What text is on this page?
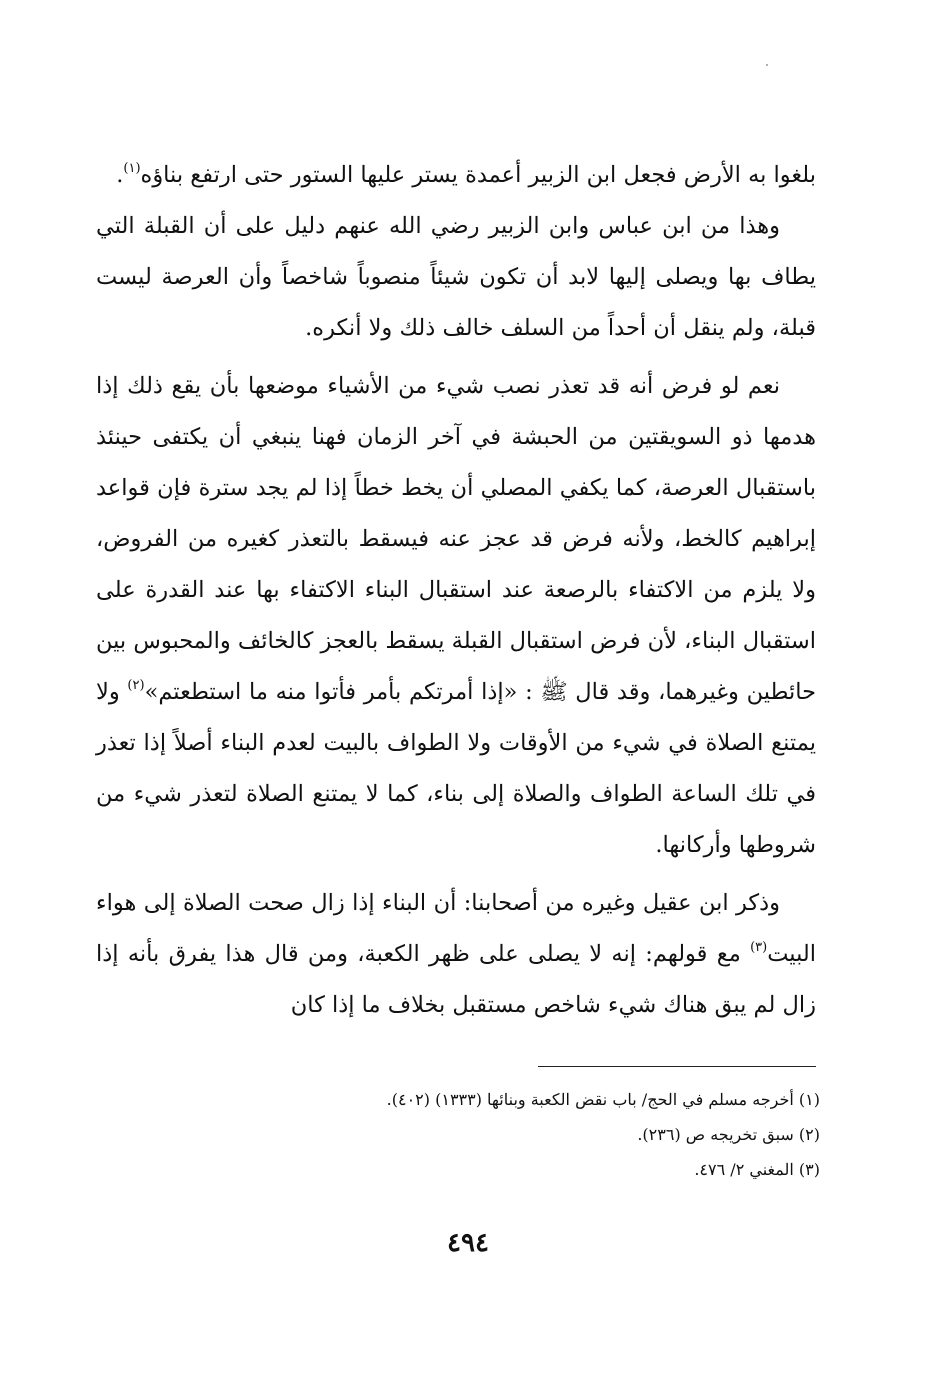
بلغوا به الأرض فجعل ابن الزبير أعمدة يستر عليها الستور حتى ارتفع بناؤه$^{(١)}$.

وهذا من ابن عباس وابن الزبير رضي الله عنهم دليل على أن القبلة التي يطاف بها ويصلى إليها لابد أن تكون شيئاً منصوباً شاخصاً وأن العرصة ليست قبلة، ولم ينقل أن أحداً من السلف خالف ذلك ولا أنكره.

نعم لو فرض أنه قد تعذر نصب شيء من الأشياء موضعها بأن يقع ذلك إذا هدمها ذو السويقتين من الحبشة في آخر الزمان فهنا ينبغي أن يكتفى حينئذ باستقبال العرصة، كما يكفي المصلي أن يخط خطاً إذا لم يجد سترة فإن قواعد إبراهيم كالخط، ولأنه فرض قد عجز عنه فيسقط بالتعذر كغيره من الفروض، ولا يلزم من الاكتفاء بالرصعة عند استقبال البناء الاكتفاء بها عند القدرة على استقبال البناء، لأن فرض استقبال القبلة يسقط بالعجز كالخائف والمحبوس بين حائطين وغيرهما، وقد قال ﷺ : «إذا أمرتكم بأمر فأتوا منه ما استطعتم»$^{(٢)}$ ولا يمتنع الصلاة في شيء من الأوقات ولا الطواف بالبيت لعدم البناء أصلاً إذا تعذر في تلك الساعة الطواف والصلاة إلى بناء، كما لا يمتنع الصلاة لتعذر شيء من شروطها وأركانها.

وذكر ابن عقيل وغيره من أصحابنا: أن البناء إذا زال صحت الصلاة إلى هواء البيت$^{(٣)}$ مع قولهم: إنه لا يصلى على ظهر الكعبة، ومن قال هذا يفرق بأنه إذا زال لم يبق هناك شيء شاخص مستقبل بخلاف ما إذا كان

(١) أخرجه مسلم في الحج/ باب نقض الكعبة وبنائها (١٣٣٣) (٤٠٢).

(٢) سبق تخريجه ص (٢٣٦).

(٣) المغني ٢/ ٤٧٦.

٤٩٤
